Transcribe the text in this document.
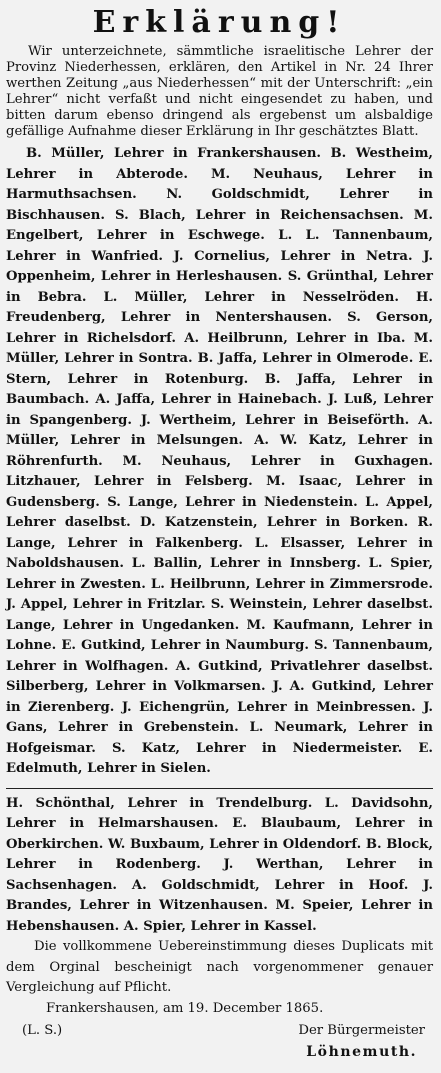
Erklärung!

Wir unterzeichnete, sämmtliche israelitische Lehrer der Provinz Niederhessen, erklären, den Artikel in Nr. 24 Ihrer werthen Zeitung „aus Niederhessen“ mit der Unterschrift: „ein Lehrer“ nicht verfaßt und nicht eingesendet zu haben, und bitten darum ebenso dringend als ergebenst um alsbaldige gefällige Aufnahme dieser Erklärung in Ihr geschätztes Blatt.

B. Müller, Lehrer in Frankershausen. B. Westheim, Lehrer in Abterode. M. Neuhaus, Lehrer in Harmuthsachsen. N. Goldschmidt, Lehrer in Bischhausen. S. Blach, Lehrer in Reichensachsen. M. Engelbert, Lehrer in Eschwege. L. L. Tannenbaum, Lehrer in Wanfried. J. Cornelius, Lehrer in Netra. J. Oppenheim, Lehrer in Herleshausen. S. Grünthal, Lehrer in Bebra. L. Müller, Lehrer in Nesselröden. H. Freudenberg, Lehrer in Nentershausen. S. Gerson, Lehrer in Richelsdorf. A. Heilbrunn, Lehrer in Iba. M. Müller, Lehrer in Sontra. B. Jaffa, Lehrer in Olmerode. E. Stern, Lehrer in Rotenburg. B. Jaffa, Lehrer in Baumbach. A. Jaffa, Lehrer in Hainebach. J. Luß, Lehrer in Spangenberg. J. Wertheim, Lehrer in Beiseförth. A. Müller, Lehrer in Melsungen. A. W. Katz, Lehrer in Röhrenfurth. M. Neuhaus, Lehrer in Guxhagen. Litzhauer, Lehrer in Felsberg. M. Isaac, Lehrer in Gudensberg. S. Lange, Lehrer in Niedenstein. L. Appel, Lehrer daselbst. D. Katzenstein, Lehrer in Borken. R. Lange, Lehrer in Falkenberg. L. Elsasser, Lehrer in Naboldshausen. L. Ballin, Lehrer in Innsberg. L. Spier, Lehrer in Zwesten. L. Heilbrunn, Lehrer in Zimmersrode. J. Appel, Lehrer in Fritzlar. S. Weinstein, Lehrer daselbst. Lange, Lehrer in Ungedanken. M. Kaufmann, Lehrer in Lohne. E. Gutkind, Lehrer in Naumburg. S. Tannenbaum, Lehrer in Wolfhagen. A. Gutkind, Privatlehrer daselbst. Silberberg, Lehrer in Volkmarsen. J. A. Gutkind, Lehrer in Zierenberg. J. Eichengrün, Lehrer in Meinbressen. J. Gans, Lehrer in Grebenstein. L. Neumark, Lehrer in Hofgeismar. S. Katz, Lehrer in Niedermeister. E. Edelmuth, Lehrer in Sielen.

H. Schönthal, Lehrer in Trendelburg. L. Davidsohn, Lehrer in Helmarshausen. E. Blaubaum, Lehrer in Oberkirchen. W. Buxbaum, Lehrer in Oldendorf. B. Block, Lehrer in Rodenberg. J. Werthan, Lehrer in Sachsenhagen. A. Goldschmidt, Lehrer in Hoof. J. Brandes, Lehrer in Witzenhausen. M. Speier, Lehrer in Hebenshausen. A. Spier, Lehrer in Kassel.

Die vollkommene Uebereinstimmung dieses Duplicats mit dem Orginal bescheinigt nach vorgenommener genauer Vergleichung auf Pflicht.

Frankershausen, am 19. December 1865.

(L. S.)	Der Bürgermeister
Löhnemuth.
